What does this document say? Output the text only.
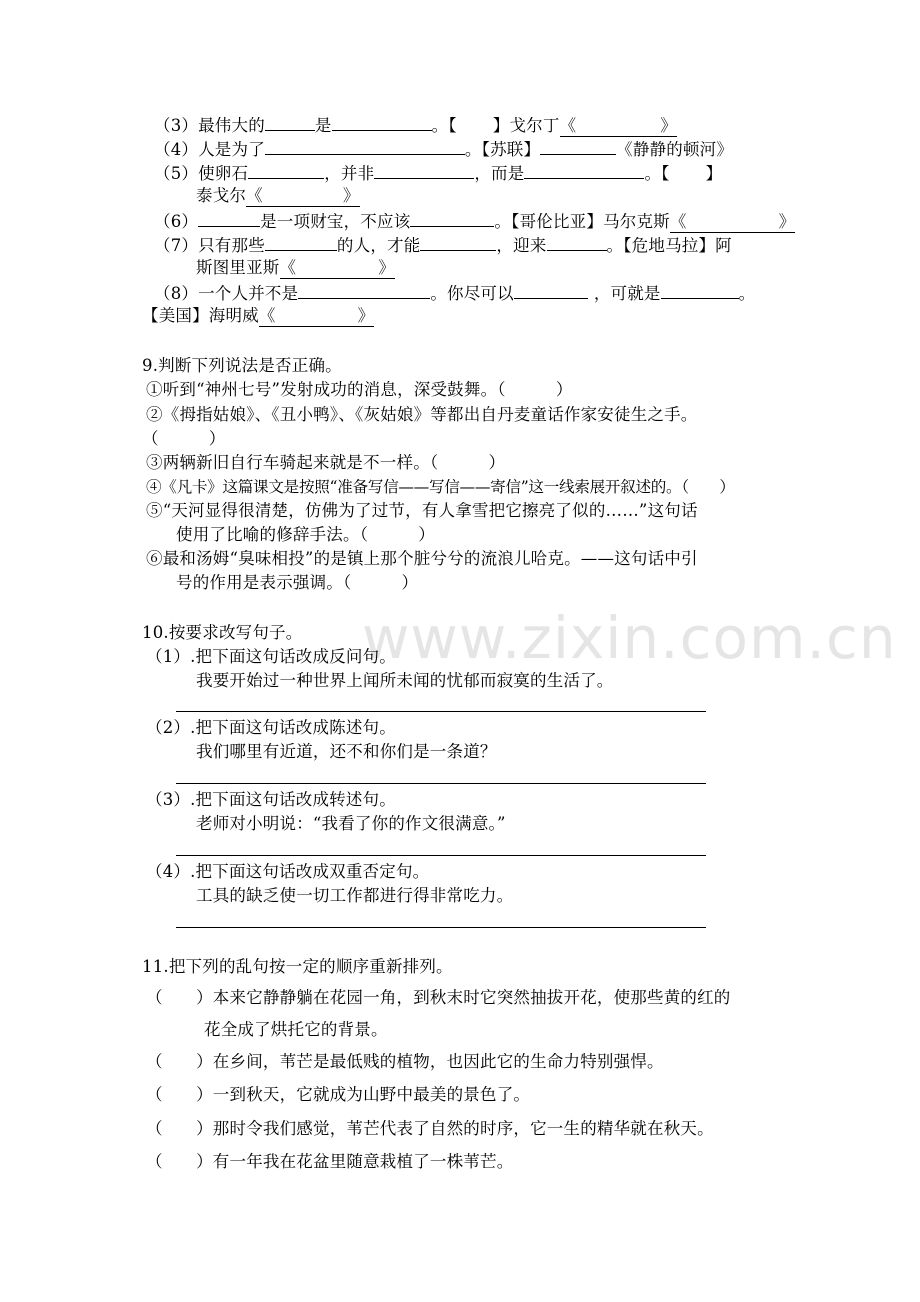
www.zixin.com.cn
（3）最伟大的	是	。【 】戈尔丁《	》
（4）人是为了	。【苏联】	《静静的顿河》
（5）使卵石	，并非	，而是	。【 】
泰戈尔《	》
（6）	是一项财宝，不应该	。【哥伦比亚】马尔克斯《	》
（7）只有那些	的人，才能	，迎来	。【危地马拉】阿
斯图里亚斯《	》
（8）一个人并不是	。你尽可以	，可就是	。
【美国】海明威《	》
9.判断下列说法是否正确。
①听到“神州七号”发射成功的消息，深受鼓舞。（　　　）
②《拇指姑娘》、《丑小鸭》、《灰姑娘》等都出自丹麦童话作家安徒生之手。
（　　　）
③两辆新旧自行车骑起来就是不一样。（　　　）
④《凡卡》这篇课文是按照“准备写信——写信——寄信”这一线索展开叙述的。（　　）
⑤“天河显得很清楚，仿佛为了过节，有人拿雪把它擦亮了似的……”这句话
使用了比喻的修辞手法。（　　　）
⑥最和汤姆“臭味相投”的是镇上那个脏兮兮的流浪儿哈克。——这句话中引
号的作用是表示强调。（　　　）
10.按要求改写句子。
（1）.把下面这句话改成反问句。
我要开始过一种世界上闻所未闻的忧郁而寂寞的生活了。
（2）.把下面这句话改成陈述句。
我们哪里有近道，还不和你们是一条道？
（3）.把下面这句话改成转述句。
老师对小明说：“我看了你的作文很满意。”
（4）.把下面这句话改成双重否定句。
工具的缺乏使一切工作都进行得非常吃力。
11.把下列的乱句按一定的顺序重新排列。
（　　）本来它静静躺在花园一角，到秋末时它突然抽拔开花，使那些黄的红的
花全成了烘托它的背景。
（　　）在乡间，苇芒是最低贱的植物，也因此它的生命力特别强悍。
（　　）一到秋天，它就成为山野中最美的景色了。
（　　）那时令我们感觉，苇芒代表了自然的时序，它一生的精华就在秋天。
（　　）有一年我在花盆里随意栽植了一株苇芒。
